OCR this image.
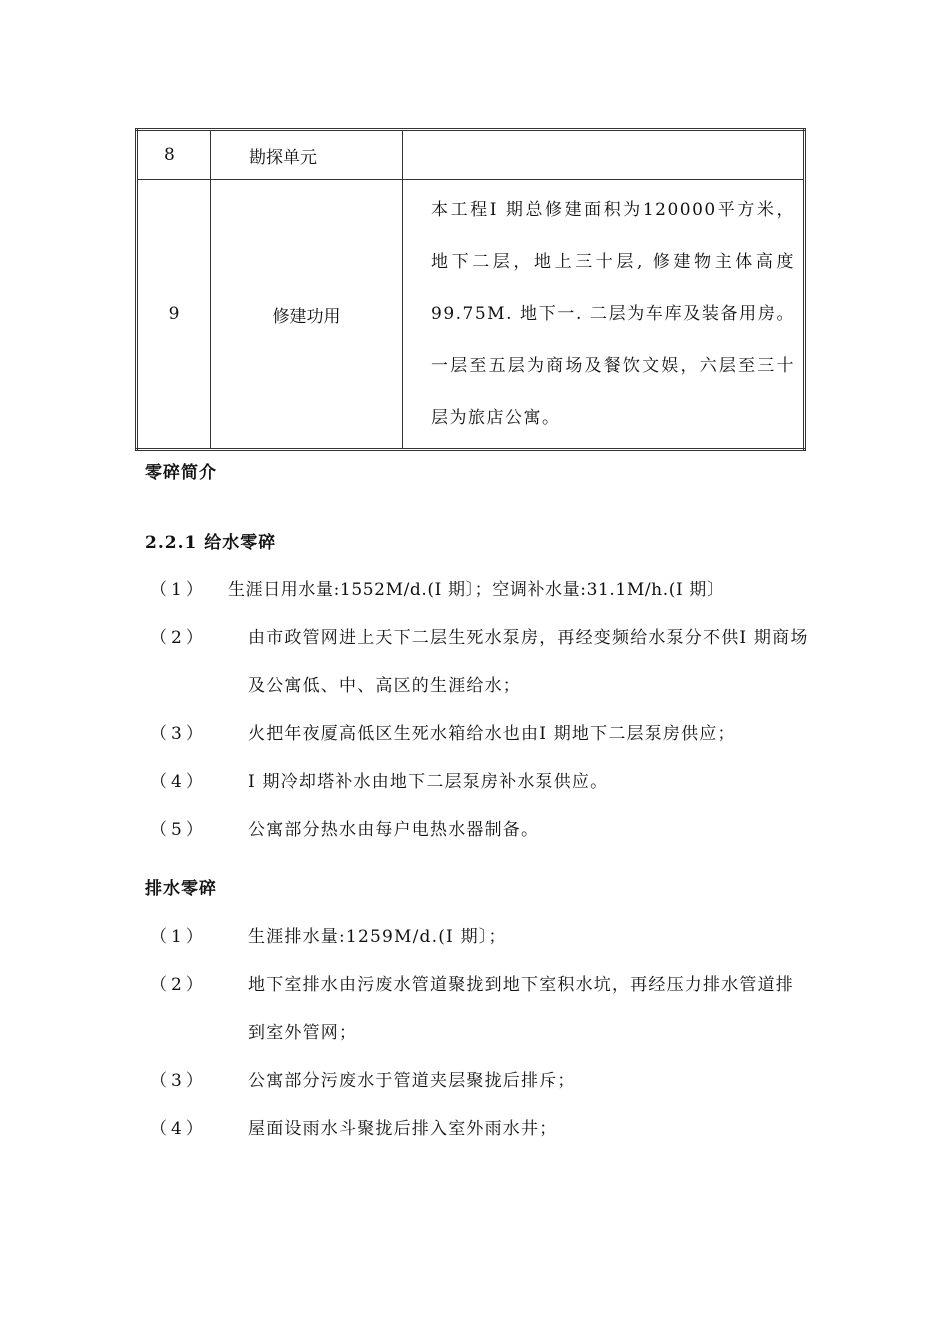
8	勘探单元	
9	修建功用	本工程I 期总修建面积为120000平方米，地下二层，地上三十层, 修建物主体高度99.75M. 地下一. 二层为车库及装备用房。一层至五层为商场及餐饮文娱，六层至三十层为旅店公寓。
零碎简介
2.2.1 给水零碎
（1） 生涯日用水量:1552M/d.(I 期〕；空调补水量:31.1M/h.(I 期〕
（2） 由市政管网进上天下二层生死水泵房，再经变频给水泵分不供I 期商场及公寓低、中、高区的生涯给水；
（3） 火把年夜厦高低区生死水箱给水也由I 期地下二层泵房供应；
（4） I 期冷却塔补水由地下二层泵房补水泵供应。
（5） 公寓部分热水由每户电热水器制备。
排水零碎
（1） 生涯排水量:1259M/d.(I 期〕；
（2） 地下室排水由污废水管道聚拢到地下室积水坑，再经压力排水管道排到室外管网；
（3） 公寓部分污废水于管道夹层聚拢后排斥；
（4） 屋面设雨水斗聚拢后排入室外雨水井；
